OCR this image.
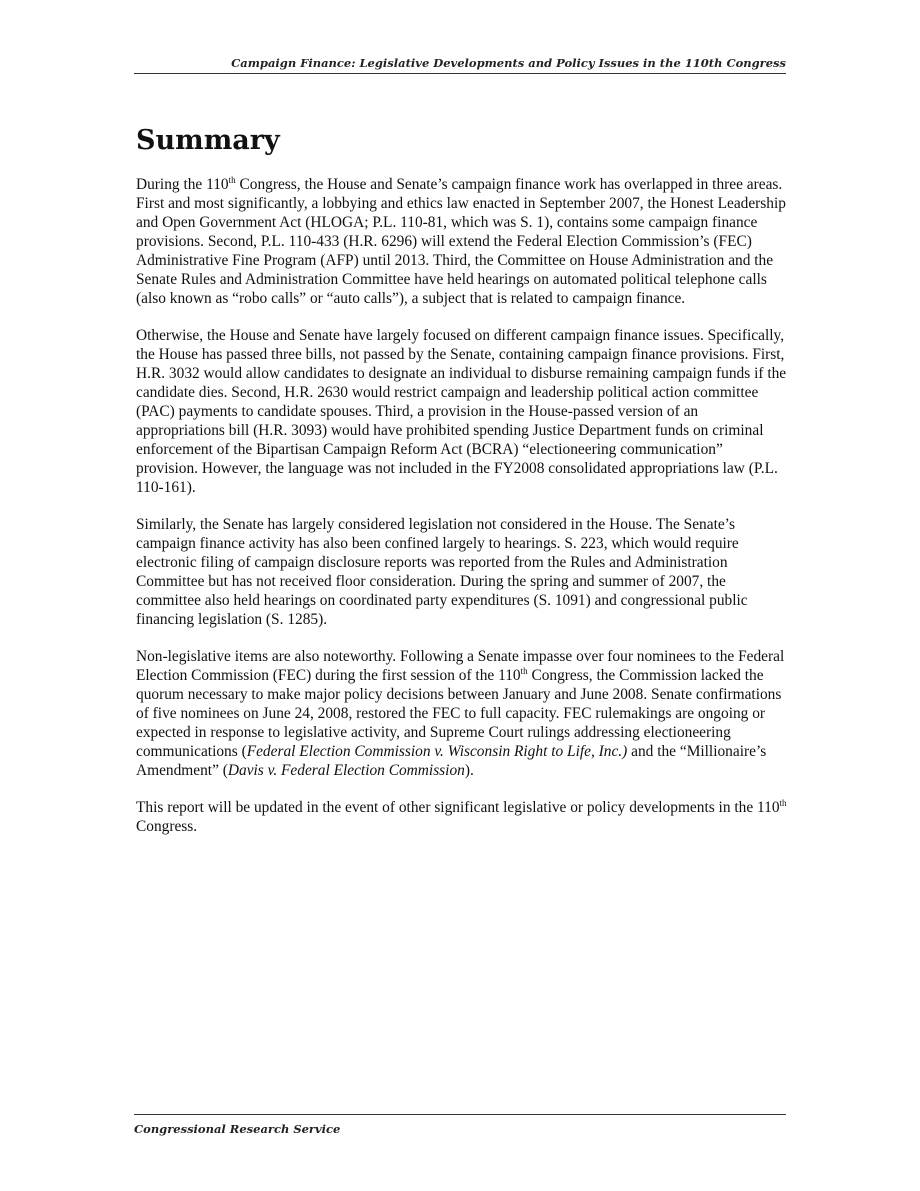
Campaign Finance: Legislative Developments and Policy Issues in the 110th Congress
Summary

During the 110th Congress, the House and Senate’s campaign finance work has overlapped in three areas. First and most significantly, a lobbying and ethics law enacted in September 2007, the Honest Leadership and Open Government Act (HLOGA; P.L. 110-81, which was S. 1), contains some campaign finance provisions. Second, P.L. 110-433 (H.R. 6296) will extend the Federal Election Commission’s (FEC) Administrative Fine Program (AFP) until 2013. Third, the Committee on House Administration and the Senate Rules and Administration Committee have held hearings on automated political telephone calls (also known as “robo calls” or “auto calls”), a subject that is related to campaign finance.

Otherwise, the House and Senate have largely focused on different campaign finance issues. Specifically, the House has passed three bills, not passed by the Senate, containing campaign finance provisions. First, H.R. 3032 would allow candidates to designate an individual to disburse remaining campaign funds if the candidate dies. Second, H.R. 2630 would restrict campaign and leadership political action committee (PAC) payments to candidate spouses. Third, a provision in the House-passed version of an appropriations bill (H.R. 3093) would have prohibited spending Justice Department funds on criminal enforcement of the Bipartisan Campaign Reform Act (BCRA) “electioneering communication” provision. However, the language was not included in the FY2008 consolidated appropriations law (P.L. 110-161).

Similarly, the Senate has largely considered legislation not considered in the House. The Senate’s campaign finance activity has also been confined largely to hearings. S. 223, which would require electronic filing of campaign disclosure reports was reported from the Rules and Administration Committee but has not received floor consideration. During the spring and summer of 2007, the committee also held hearings on coordinated party expenditures (S. 1091) and congressional public financing legislation (S. 1285).

Non-legislative items are also noteworthy. Following a Senate impasse over four nominees to the Federal Election Commission (FEC) during the first session of the 110th Congress, the Commission lacked the quorum necessary to make major policy decisions between January and June 2008. Senate confirmations of five nominees on June 24, 2008, restored the FEC to full capacity. FEC rulemakings are ongoing or expected in response to legislative activity, and Supreme Court rulings addressing electioneering communications (Federal Election Commission v. Wisconsin Right to Life, Inc.) and the “Millionaire’s Amendment” (Davis v. Federal Election Commission).

This report will be updated in the event of other significant legislative or policy developments in the 110th Congress.

Congressional Research Service
